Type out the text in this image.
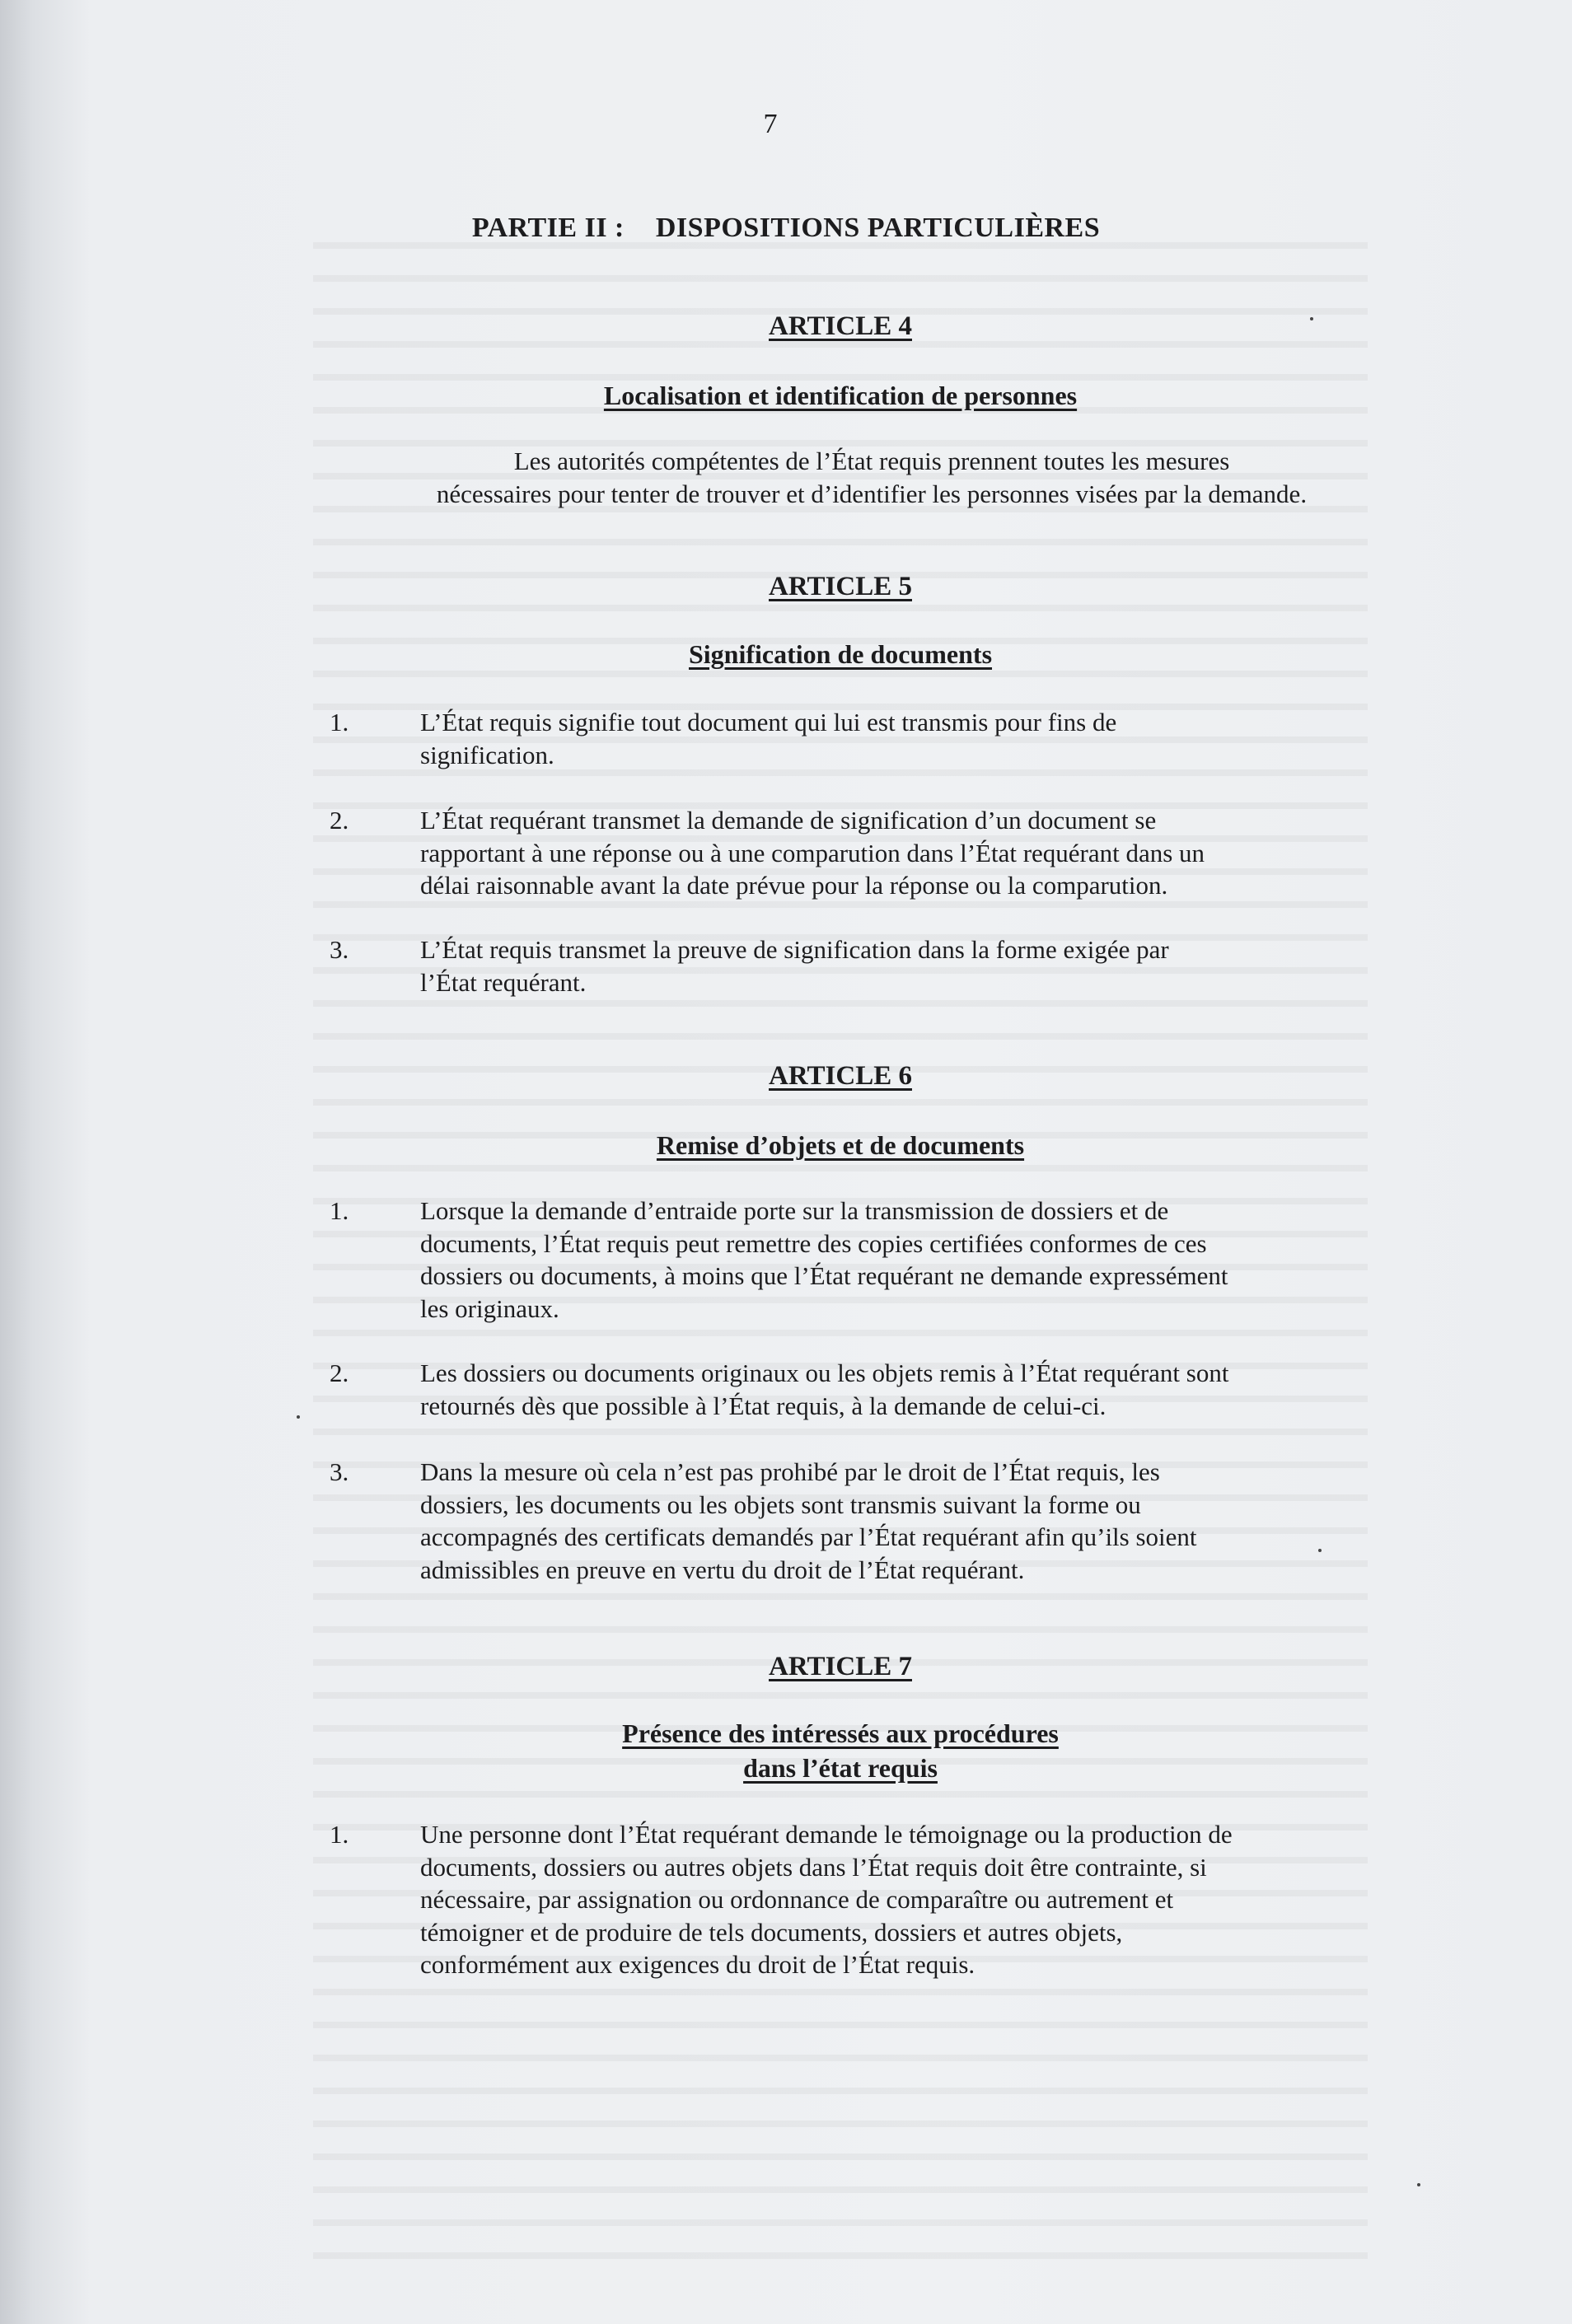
7
PARTIE II : DISPOSITIONS PARTICULIÈRES
ARTICLE 4
Localisation et identification de personnes
Les autorités compétentes de l’État requis prennent toutes les mesures
nécessaires pour tenter de trouver et d’identifier les personnes visées par la demande.
ARTICLE 5
Signification de documents
1.	L’État requis signifie tout document qui lui est transmis pour fins de
signification.
2.	L’État requérant transmet la demande de signification d’un document se
rapportant à une réponse ou à une comparution dans l’État requérant dans un
délai raisonnable avant la date prévue pour la réponse ou la comparution.
3.	L’État requis transmet la preuve de signification dans la forme exigée par
l’État requérant.
ARTICLE 6
Remise d’objets et de documents
1.	Lorsque la demande d’entraide porte sur la transmission de dossiers et de
documents, l’État requis peut remettre des copies certifiées conformes de ces
dossiers ou documents, à moins que l’État requérant ne demande expressément
les originaux.
2.	Les dossiers ou documents originaux ou les objets remis à l’État requérant sont
retournés dès que possible à l’État requis, à la demande de celui-ci.
3.	Dans la mesure où cela n’est pas prohibé par le droit de l’État requis, les
dossiers, les documents ou les objets sont transmis suivant la forme ou
accompagnés des certificats demandés par l’État requérant afin qu’ils soient
admissibles en preuve en vertu du droit de l’État requérant.
ARTICLE 7
Présence des intéressés aux procédures
dans l’état requis
1.	Une personne dont l’État requérant demande le témoignage ou la production de
documents, dossiers ou autres objets dans l’État requis doit être contrainte, si
nécessaire, par assignation ou ordonnance de comparaître ou autrement et
témoigner et de produire de tels documents, dossiers et autres objets,
conformément aux exigences du droit de l’État requis.
